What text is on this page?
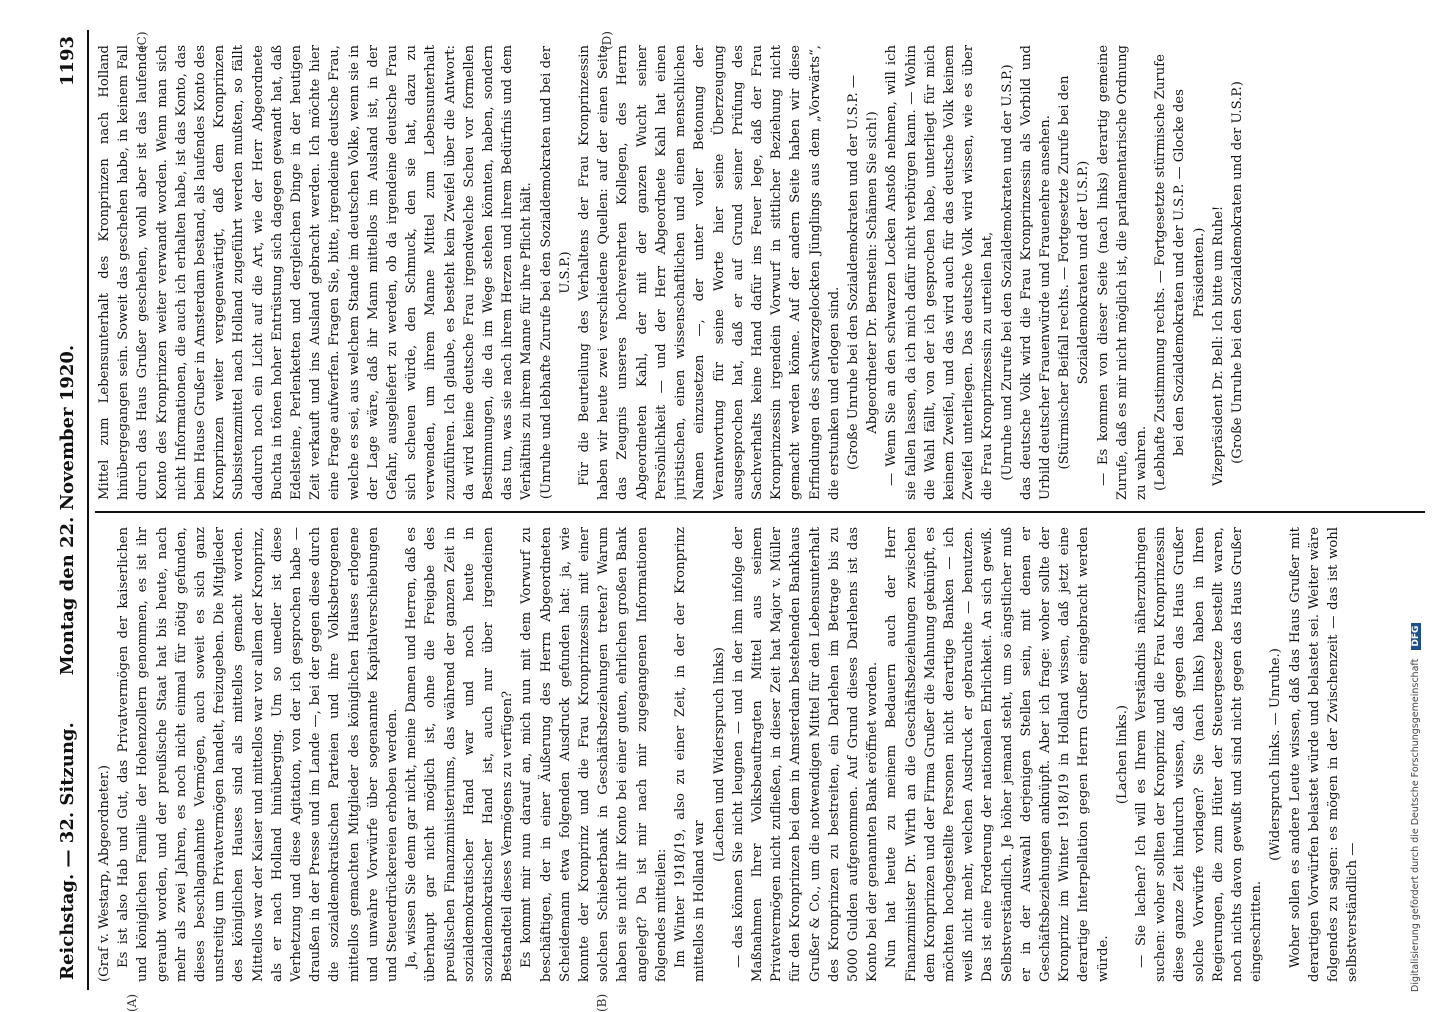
Reichstag. — 32. Sitzung.
Montag den 22. November 1920.
1193
(A)	(B)
(C)	(D)

(Graf v. Westarp, Abgeordneter.) Es ist also Hab und Gut, das Privatvermögen der kaiserlichen und königlichen Familie der Hohenzollern genommen, es ist ihr geraubt worden, und der preußische Staat hat bis heute, nach mehr als zwei Jahren, es noch nicht einmal für nötig gefunden, dieses beschlagnahmte Vermögen, auch soweit es sich ganz unstreitig um Privatvermögen handelt, freizugeben. Die Mitglieder des königlichen Hauses sind als mittellos gemacht worden. Mittellos war der Kaiser und mittellos war vor allem der Kronprinz, als er nach Holland hinüberging. Um so unedler ist diese Verhetzung und diese Agitation, von der ich gesprochen habe — draußen in der Presse und im Lande —, bei der gegen diese durch die sozialdemokratischen Parteien und ihre Volksbetrogenen mittellos gemachten Mitglieder des königlichen Hauses erlogene und unwahre Vorwürfe über sogenannte Kapitalverschiebungen und Steuerdrückereien erhoben werden. Ja, wissen Sie denn gar nicht, meine Damen und Herren, daß es überhaupt gar nicht möglich ist, ohne die Freigabe des preußischen Finanzministeriums, das während der ganzen Zeit in sozialdemokratischer Hand war und noch heute in sozialdemokratischer Hand ist, auch nur über irgendeinen Bestandteil dieses Vermögens zu verfügen? Es kommt mir nun darauf an, mich nun mit dem Vorwurf zu beschäftigen, der in einer Äußerung des Herrn Abgeordneten Scheidemann etwa folgenden Ausdruck gefunden hat: ja, wie konnte der Kronprinz und die Frau Kronprinzessin mit einer solchen Schieberbank in Geschäftsbeziehungen treten? Warum haben sie nicht ihr Konto bei einer guten, ehrlichen großen Bank angelegt? Da ist mir nach mir zugegangenen Informationen folgendes mitteilen: Im Winter 1918/19, also zu einer Zeit, in der der Kronprinz mittellos in Holland war

(Lachen und Widerspruch links) — das können Sie nicht leugnen — und in der ihm infolge der Maßnahmen Ihrer Volksbeauftragten Mittel aus seinem Privatvermögen nicht zufließen, in dieser Zeit hat Major v. Müller für den Kronprinzen bei dem in Amsterdam bestehenden Bankhaus Grußer & Co., um die notwendigen Mittel für den Lebensunterhalt des Kronprinzen zu bestreiten, ein Darlehen im Betrage bis zu 5000 Gulden aufgenommen. Auf Grund dieses Darlehens ist das Konto bei der genannten Bank eröffnet worden. Nun hat heute zu meinem Bedauern auch der Herr Finanzminister Dr. Wirth an die Geschäftsbeziehungen zwischen dem Kronprinzen und der Firma Grußer die Mahnung geknüpft, es möchten hochgestellte Personen nicht derartige Banken — ich weiß nicht mehr, welchen Ausdruck er gebrauchte — benutzen. Das ist eine Forderung der nationalen Ehrlichkeit. An sich gewiß. Selbstverständlich. Je höher jemand steht, um so ängstlicher muß er in der Auswahl derjenigen Stellen sein, mit denen er Geschäftsbeziehungen anknüpft. Aber ich frage: woher sollte der Kronprinz im Winter 1918/19 in Holland wissen, daß jetzt eine derartige Interpellation gegen Herrn Grußer eingebracht werden würde.

(Lachen links.) — Sie lachen? Ich will es Ihrem Verständnis näherzubringen suchen: woher sollten der Kronprinz und die Frau Kronprinzessin diese ganze Zeit hindurch wissen, daß gegen das Haus Grußer solche Vorwürfe vorlagen? Sie (nach links) haben in Ihren Regierungen, die zum Hüter der Steuergesetze bestellt waren, noch nichts davon gewußt und sind nicht gegen das Haus Grußer eingeschritten.

(Widerspruch links. — Unruhe.) Woher sollen es andere Leute wissen, daß das Haus Grußer mit derartigen Vorwürfen belastet würde und belastet sei. Weiter wäre folgendes zu sagen: es mögen in der Zwischenzeit — das ist wohl selbstverständlich —

Mittel zum Lebensunterhalt des Kronprinzen nach Holland hinübergegangen sein. Soweit das geschehen habe, in keinem Fall durch das Haus Grußer geschehen, wohl aber ist das laufende Konto des Kronprinzen weiter verwandt worden. Wenn man sich nicht Informationen, die auch ich erhalten habe, ist das Konto, das beim Hause Grußer in Amsterdam bestand, als laufendes Konto des Kronprinzen weiter vergegenwärtigt, daß dem Kronprinzen Subsistenzmittel nach Holland zugeführt werden mußten, so fällt dadurch noch ein Licht auf die Art, wie der Herr Abgeordnete Buchta in tönen hoher Entrüstung sich dagegen gewandt hat, daß Edelsteine, Perlenketten und dergleichen Dinge in der heutigen Zeit verkauft und ins Ausland gebracht werden. Ich möchte hier eine Frage aufwerfen. Fragen Sie, bitte, irgendeine deutsche Frau, welche es sei, aus welchem Stande im deutschen Volke, wenn sie in der Lage wäre, daß ihr Mann mittellos im Ausland ist, in der Gefahr, ausgeliefert zu werden, ob da irgendeine deutsche Frau sich scheuen würde, den Schmuck, den sie hat, dazu zu verwenden, um ihrem Manne Mittel zum Lebensunterhalt zuzuführen. Ich glaube, es besteht kein Zweifel über die Antwort: da wird keine deutsche Frau irgendwelche Scheu vor formellen Bestimmungen, die da im Wege stehen könnten, haben, sondern das tun, was sie nach ihrem Herzen und ihrem Bedürfnis und dem Verhältnis zu ihrem Manne für ihre Pflicht hält. (Unruhe und lebhafte Zurufe bei den Sozialdemokraten und bei der U.S.P.) Für die Beurteilung des Verhaltens der Frau Kronprinzessin haben wir heute zwei verschiedene Quellen: auf der einen Seite das Zeugnis unseres hochverehrten Kollegen, des Herrn Abgeordneten Kahl, der mit der ganzen Wucht seiner Persönlichkeit — und der Herr Abgeordnete Kahl hat einen juristischen, einen wissenschaftlichen und einen menschlichen Namen einzusetzen —, der unter voller Betonung der Verantwortung für seine Worte hier seine Überzeugung ausgesprochen hat, daß er auf Grund seiner Prüfung des Sachverhalts keine Hand dafür ins Feuer lege, daß der Frau Kronprinzessin irgendein Vorwurf in sittlicher Beziehung nicht gemacht werden könne. Auf der andern Seite haben wir diese Erfindungen des schwarzgelockten Jünglings aus dem „Vorwärts“, die erstunken und erlogen sind. (Große Unruhe bei den Sozialdemokraten und der U.S.P. — Abgeordneter Dr. Bernstein: Schämen Sie sich!) — Wenn Sie an den schwarzen Locken Anstoß nehmen, will ich sie fallen lassen, da ich mich dafür nicht verbürgen kann. — Wohin die Wahl fällt, von der ich gesprochen habe, unterliegt für mich keinem Zweifel, und das wird auch für das deutsche Volk keinem Zweifel unterliegen. Das deutsche Volk wird wissen, wie es über die Frau Kronprinzessin zu urteilen hat, (Unruhe und Zurufe bei den Sozialdemokraten und der U.S.P.) das deutsche Volk wird die Frau Kronprinzessin als Vorbild und Urbild deutscher Frauenwürde und Frauenehre ansehen. (Stürmischer Beifall rechts. — Fortgesetzte Zurufe bei den Sozialdemokraten und der U.S.P.) — Es kommen von dieser Seite (nach links) derartig gemeine Zurufe, daß es mir nicht möglich ist, die parlamentarische Ordnung zu wahren. (Lebhafte Zustimmung rechts. — Fortgesetzte stürmische Zurufe bei den Sozialdemokraten und der U.S.P. — Glocke des Präsidenten.) Vizepräsident Dr. Bell: Ich bitte um Ruhe! (Große Unruhe bei den Sozialdemokraten und der U.S.P.)

Digitalisierung gefördert durch die Deutsche Forschungsgemeinschaft DFG
